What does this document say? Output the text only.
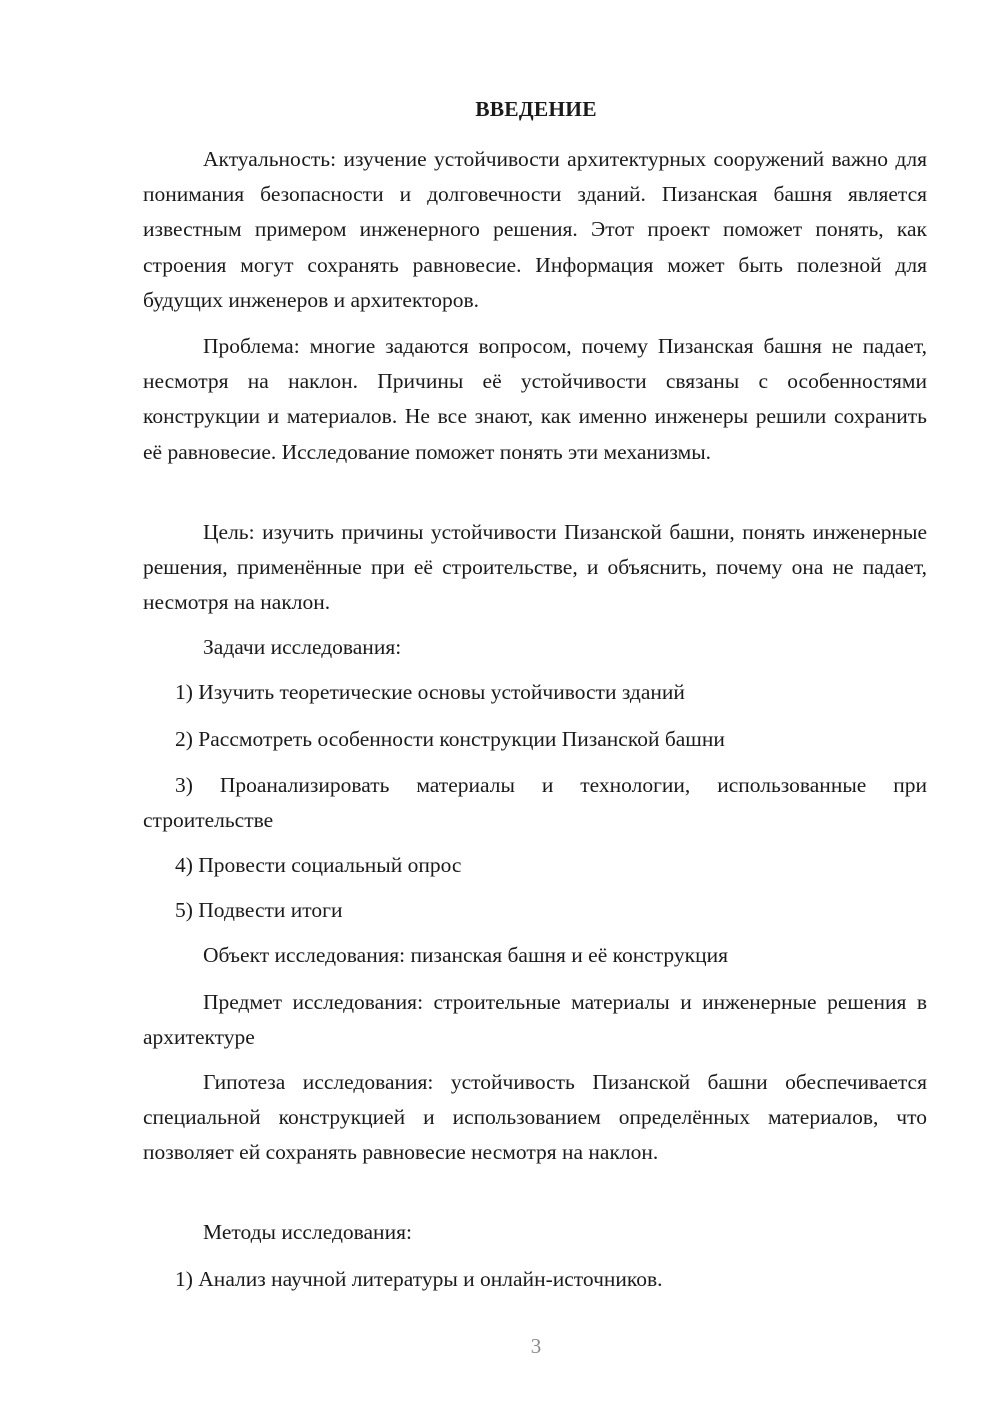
ВВЕДЕНИЕ
Актуальность: изучение устойчивости архитектурных сооружений важно для понимания безопасности и долговечности зданий. Пизанская башня является известным примером инженерного решения. Этот проект поможет понять, как строения могут сохранять равновесие. Информация может быть полезной для будущих инженеров и архитекторов.
Проблема: многие задаются вопросом, почему Пизанская башня не падает, несмотря на наклон. Причины её устойчивости связаны с особенностями конструкции и материалов. Не все знают, как именно инженеры решили сохранить её равновесие. Исследование поможет понять эти механизмы.
Цель: изучить причины устойчивости Пизанской башни, понять инженерные решения, применённые при её строительстве, и объяснить, почему она не падает, несмотря на наклон.
Задачи исследования:
1) Изучить теоретические основы устойчивости зданий
2) Рассмотреть особенности конструкции Пизанской башни
3) Проанализировать материалы и технологии, использованные при строительстве
4) Провести социальный опрос
5) Подвести итоги
Объект исследования: пизанская башня и её конструкция
Предмет исследования: строительные материалы и инженерные решения в архитектуре
Гипотеза исследования: устойчивость Пизанской башни обеспечивается специальной конструкцией и использованием определённых материалов, что позволяет ей сохранять равновесие несмотря на наклон.
Методы исследования:
1) Анализ научной литературы и онлайн-источников.
3
